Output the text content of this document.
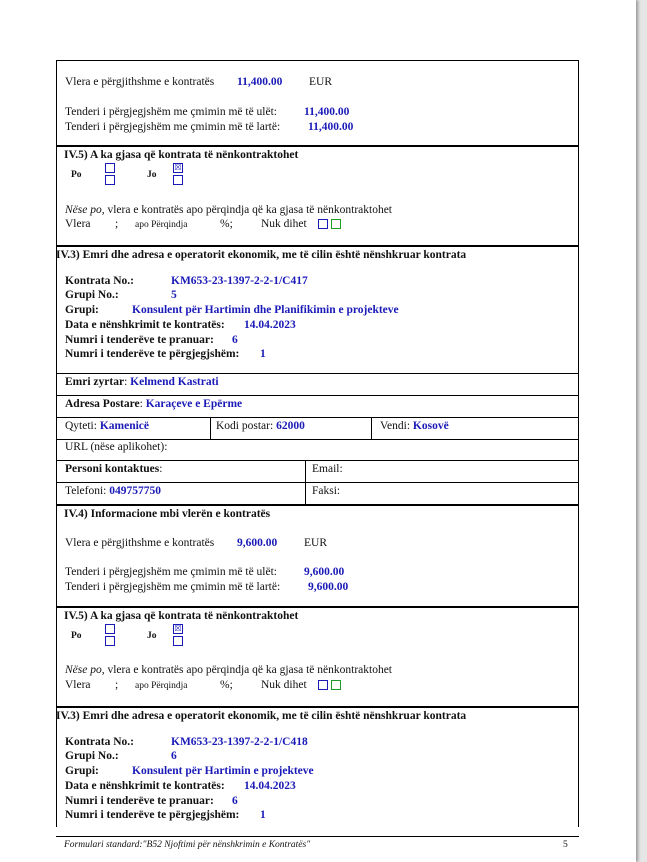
Vlera e përgjithshme e kontratës 11,400.00 EUR
Tenderi i përgjegjshëm me çmimin më të ulët: 11,400.00
Tenderi i përgjegjshëm me çmimin më të lartë: 11,400.00
IV.5) A ka gjasa që kontrata të nënkontraktohet
Po	Jo
☒
Nëse po, vlera e kontratës apo përqindja që ka gjasa të nënkontraktohet
Vlera ; apo Përqindja	%; Nuk dihet
IV.3) Emri dhe adresa e operatorit ekonomik, me të cilin është nënshkruar kontrata
Kontrata No.:	KM653-23-1397-2-2-1/C417
Grupi No.:	5
Grupi:	Konsulent për Hartimin dhe Planifikimin e projekteve
Data e nënshkrimit te kontratës: 14.04.2023
Numri i tenderëve te pranuar: 6
Numri i tenderëve te përgjegjshëm: 1
Emri zyrtar: Kelmend Kastrati
Adresa Postare: Karaçeve e Epërme
Qyteti: Kamenicë	Kodi postar: 62000	Vendi: Kosovë
URL (nëse aplikohet):
Personi kontaktues:	Email:
Telefoni: 049757750	Faksi:
IV.4) Informacione mbi vlerën e kontratës
Vlera e përgjithshme e kontratës 9,600.00 EUR
Tenderi i përgjegjshëm me çmimin më të ulët: 9,600.00
Tenderi i përgjegjshëm me çmimin më të lartë: 9,600.00
IV.5) A ka gjasa që kontrata të nënkontraktohet
Po	Jo
☒
Nëse po, vlera e kontratës apo përqindja që ka gjasa të nënkontraktohet
Vlera ; apo Përqindja	%; Nuk dihet
IV.3) Emri dhe adresa e operatorit ekonomik, me të cilin është nënshkruar kontrata
Kontrata No.:	KM653-23-1397-2-2-1/C418
Grupi No.:	6
Grupi:	Konsulent për Hartimin e projekteve
Data e nënshkrimit te kontratës: 14.04.2023
Numri i tenderëve te pranuar: 6
Numri i tenderëve te përgjegjshëm: 1
Formulari standard:"B52 Njoftimi për nënshkrimin e Kontratës"	5
